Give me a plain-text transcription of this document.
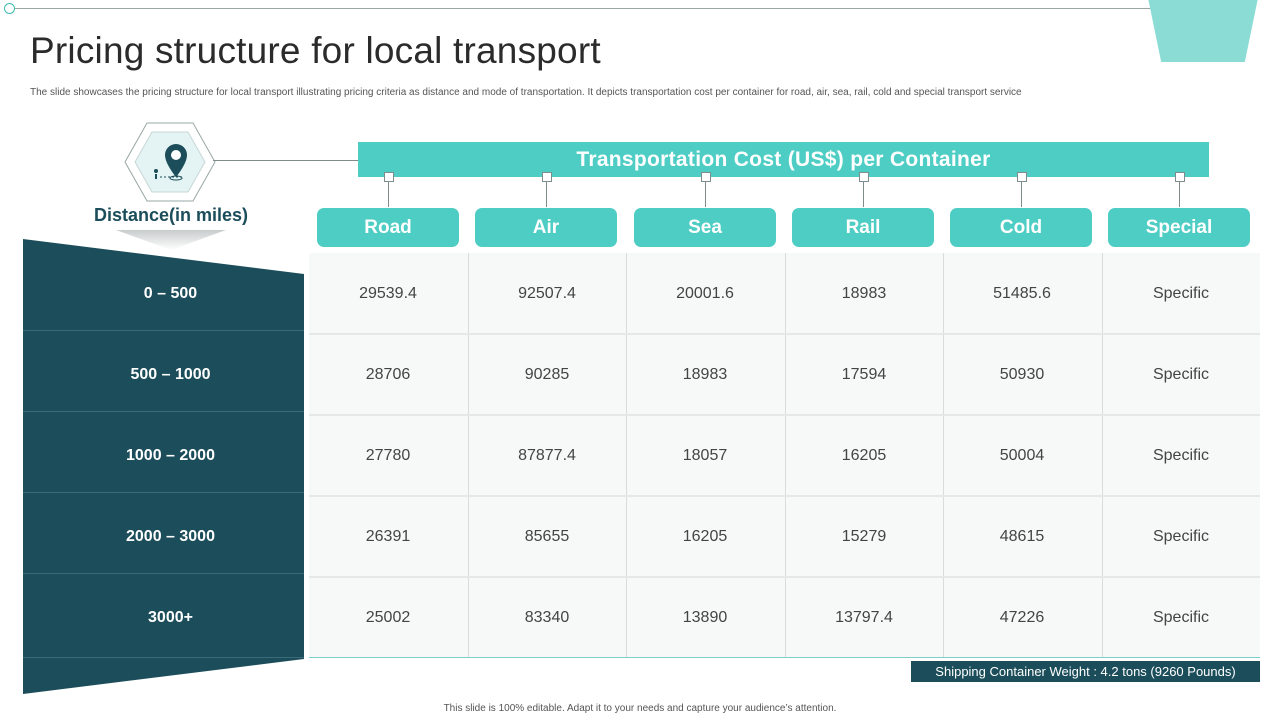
Pricing structure for local transport
The slide showcases the pricing structure for local transport illustrating pricing criteria as distance and mode of transportation. It depicts transportation cost per container for road, air, sea, rail, cold and special transport service
Distance(in miles)
Transportation Cost (US$) per Container
Road	Air	Sea	Rail	Cold	Special
0 – 500	29539.4	92507.4	20001.6	18983	51485.6	Specific
500 – 1000	28706	90285	18983	17594	50930	Specific
1000 – 2000	27780	87877.4	18057	16205	50004	Specific
2000 – 3000	26391	85655	16205	15279	48615	Specific
3000+	25002	83340	13890	13797.4	47226	Specific
Shipping Container Weight : 4.2 tons (9260 Pounds)
This slide is 100% editable. Adapt it to your needs and capture your audience’s attention.
